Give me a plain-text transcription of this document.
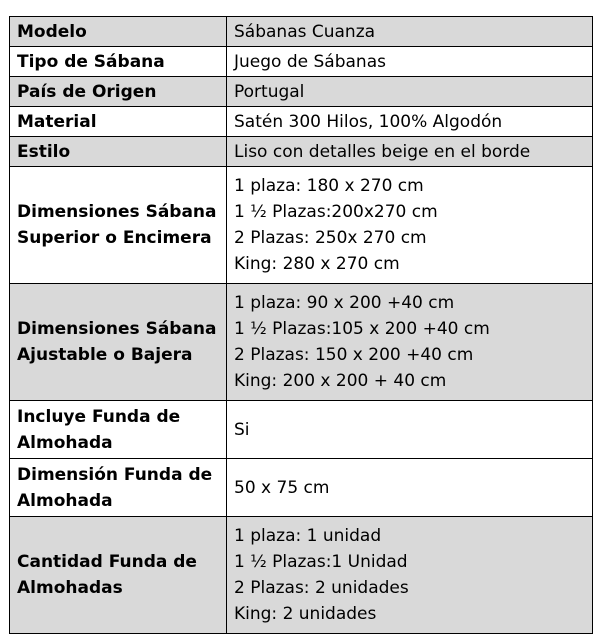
Modelo	Sábanas Cuanza

Tipo de Sábana	Juego de Sábanas

País de Origen	Portugal

Material	Satén 300 Hilos, 100% Algodón

Estilo	Liso con detalles beige en el borde

Dimensiones Sábana
Superior o Encimera	1 plaza: 180 x 270 cm
1 ½ Plazas:200x270 cm
2 Plazas: 250x 270 cm
King: 280 x 270 cm

Dimensiones Sábana
Ajustable o Bajera	1 plaza: 90 x 200 +40 cm
1 ½ Plazas:105 x 200 +40 cm
2 Plazas: 150 x 200 +40 cm
King: 200 x 200 + 40 cm

Incluye Funda de
Almohada	Si

Dimensión Funda de
Almohada	50 x 75 cm

Cantidad Funda de
Almohadas	1 plaza: 1 unidad
1 ½ Plazas:1 Unidad
2 Plazas: 2 unidades
King: 2 unidades
